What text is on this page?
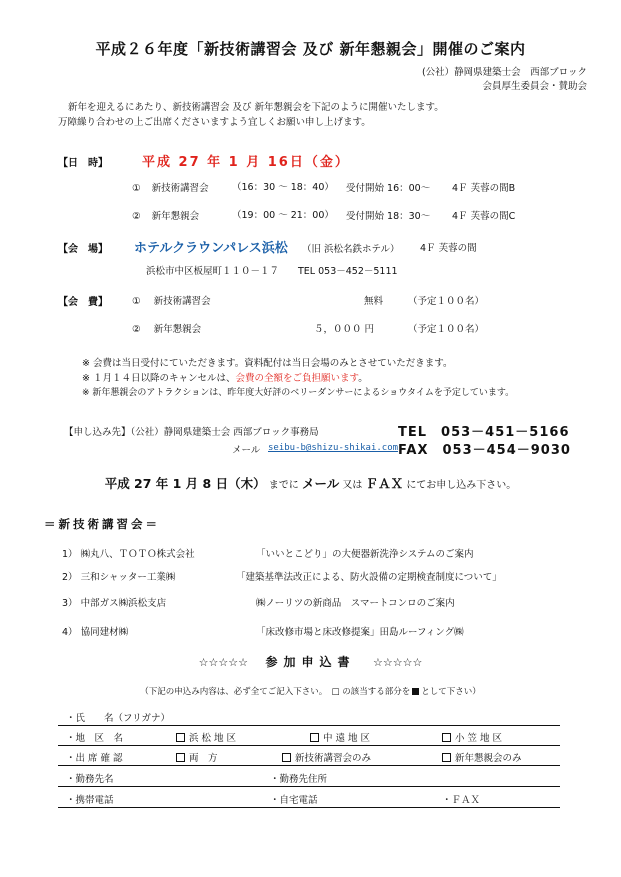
平成２６年度「新技術講習会 及び 新年懇親会」開催のご案内
(公社）静岡県建築士会　西部ブロック
会員厚生委員会・賛助会
新年を迎えるにあたり、新技術講習会 及び 新年懇親会を下記のように開催いたします。
万障繰り合わせの上ご出席くださいますよう宜しくお願い申し上げます。
【日　時】	平成 27 年 1 月 16日（金）
① 新技術講習会 （16：30 ～ 18：40） 受付開始 16：00～ 4Ｆ 芙蓉の間B
② 新年懇親会	（19：00 ～ 21：00） 受付開始 18：30～ 4Ｆ 芙蓉の間C
【会　場】 ホテルクラウンパレス浜松 （旧 浜松名鉄ホテル） 4Ｆ 芙蓉の間
浜松市中区板屋町１１０－１７　　TEL 053－452－5111
【会　費】	① 新技術講習会	無料	（予定１００名）
② 新年懇親会	５，０００ 円	（予定１００名）
※ 会費は当日受付にていただきます。資料配付は当日会場のみとさせていただきます。
※ １月１４日以降のキャンセルは、会費の全額をご負担願います。
※ 新年懇親会のアトラクションは、昨年度大好評のベリーダンサーによるショウタイムを予定しています。
【申し込み先】（公社）静岡県建築士会 西部ブロック事務局	TEL　053－451－5166
メール seibu-b@shizu-shikai.com FAX　053－454－9030
平成 27 年 1 月 8 日（木） までに メール 又は ＦＡＸ にてお申し込み下さい。
＝新技術講習会＝
1） ㈱丸八、ＴＯＴＯ株式会社	「いいとこどり」の大便器新洗浄システムのご案内
2） 三和シャッター工業㈱	「建築基準法改正による、防火設備の定期検査制度について」
3） 中部ガス㈱浜松支店	㈱ノーリツの新商品　スマートコンロのご案内
4） 協同建材㈱	「床改修市場と床改修提案」田島ルーフィング㈱
☆☆☆☆☆ 参加申込書 ☆☆☆☆☆
（下記の申込み内容は、必ず全てご記入下さい。　□ の該当する部分を として下さい）
・氏　　名（フリガナ）
・地　区　名	浜 松 地 区	中 遠 地 区	小 笠 地 区
・出 席 確 認	両　方	新技術講習会のみ	新年懇親会のみ
・勤務先名	・勤務先住所
・携帯電話	・自宅電話	・ＦＡＸ
